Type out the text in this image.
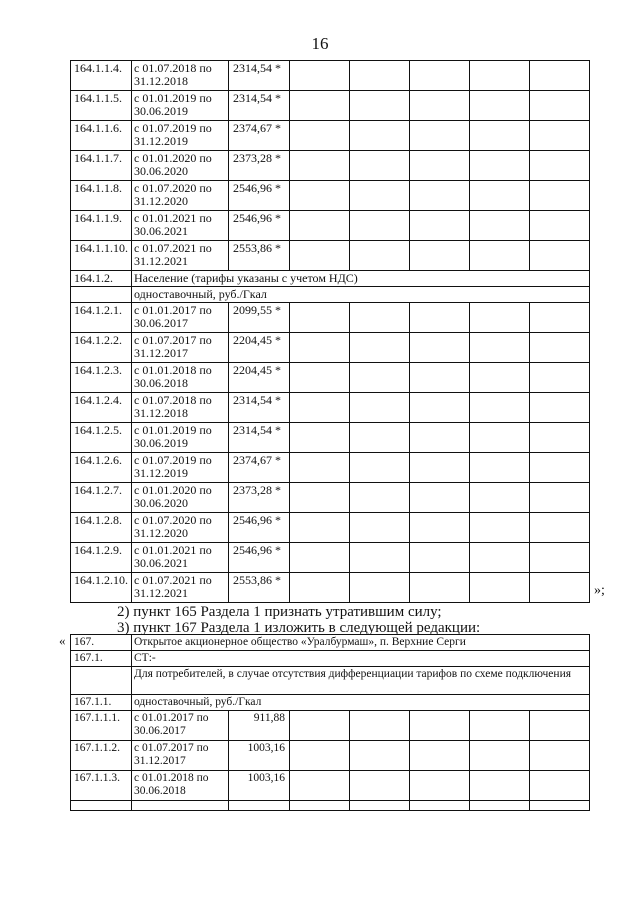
16
164.1.1.4.	с 01.07.2018 по 31.12.2018	2314,54 *					
164.1.1.5.	с 01.01.2019 по 30.06.2019	2314,54 *					
164.1.1.6.	с 01.07.2019 по 31.12.2019	2374,67 *					
164.1.1.7.	с 01.01.2020 по 30.06.2020	2373,28 *					
164.1.1.8.	с 01.07.2020 по 31.12.2020	2546,96 *					
164.1.1.9.	с 01.01.2021 по 30.06.2021	2546,96 *					
164.1.1.10.	с 01.07.2021 по 31.12.2021	2553,86 *					
164.1.2.	Население (тарифы указаны с учетом НДС)						
	одноставочный, руб./Гкал						
164.1.2.1.	с 01.01.2017 по 30.06.2017	2099,55 *					
164.1.2.2.	с 01.07.2017 по 31.12.2017	2204,45 *					
164.1.2.3.	с 01.01.2018 по 30.06.2018	2204,45 *					
164.1.2.4.	с 01.07.2018 по 31.12.2018	2314,54 *					
164.1.2.5.	с 01.01.2019 по 30.06.2019	2314,54 *					
164.1.2.6.	с 01.07.2019 по 31.12.2019	2374,67 *					
164.1.2.7.	с 01.01.2020 по 30.06.2020	2373,28 *					
164.1.2.8.	с 01.07.2020 по 31.12.2020	2546,96 *					
164.1.2.9.	с 01.01.2021 по 30.06.2021	2546,96 *					
164.1.2.10.	с 01.07.2021 по 31.12.2021	2553,86 *					
»;
2) пункт 165 Раздела 1 признать утратившим силу;
3) пункт 167 Раздела 1 изложить в следующей редакции:
« 167.	Открытое акционерное общество «Уралбурмаш», п. Верхние Серги						
167.1.	СТ:-						
	Для потребителей, в случае отсутствия дифференциации тарифов по схеме подключения						
167.1.1.	одноставочный, руб./Гкал						
167.1.1.1.	с 01.01.2017 по 30.06.2017	911,88					
167.1.1.2.	с 01.07.2017 по 31.12.2017	1003,16					
167.1.1.3.	с 01.01.2018 по 30.06.2018	1003,16					
